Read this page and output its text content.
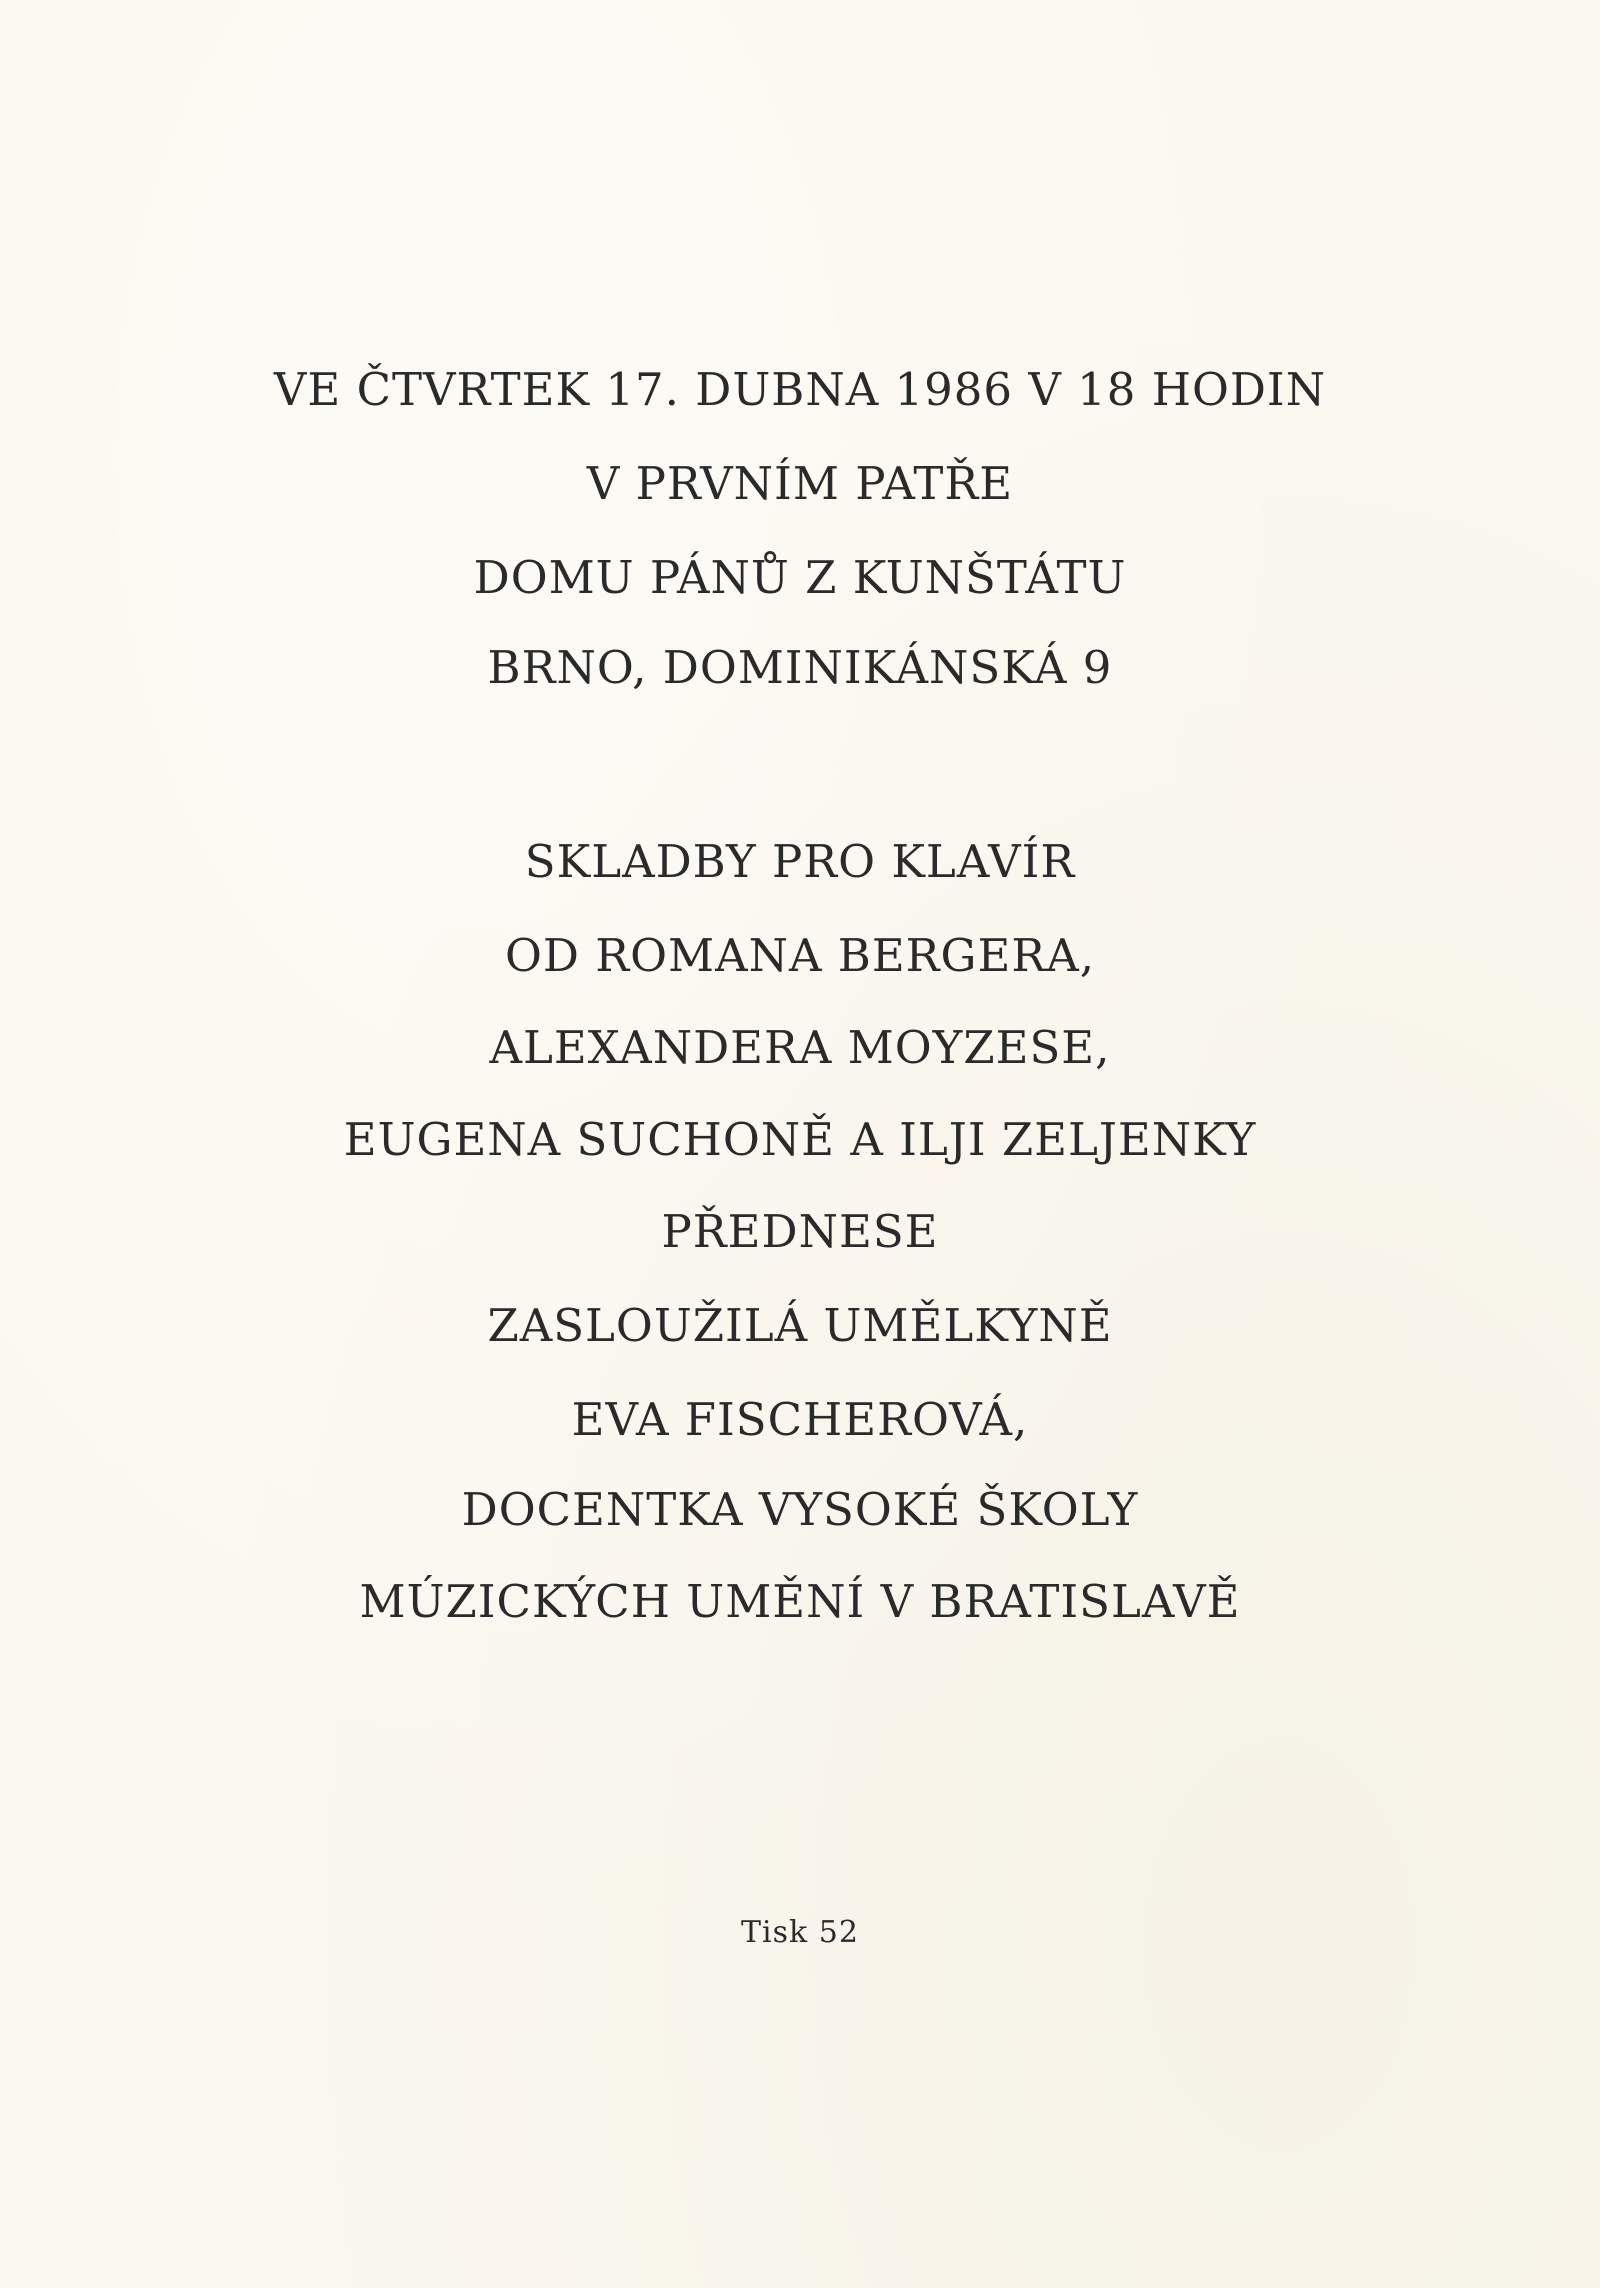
VE ČTVRTEK 17. DUBNA 1986 V 18 HODIN
V PRVNÍM PATŘE
DOMU PÁNŮ Z KUNŠTÁTU
BRNO, DOMINIKÁNSKÁ 9
SKLADBY PRO KLAVÍR
OD ROMANA BERGERA,
ALEXANDERA MOYZESE,
EUGENA SUCHONĚ A ILJI ZELJENKY
PŘEDNESE
ZASLOUŽILÁ UMĚLKYNĚ
EVA FISCHEROVÁ,
DOCENTKA VYSOKÉ ŠKOLY
MÚZICKÝCH UMĚNÍ V BRATISLAVĚ
Tisk 52
